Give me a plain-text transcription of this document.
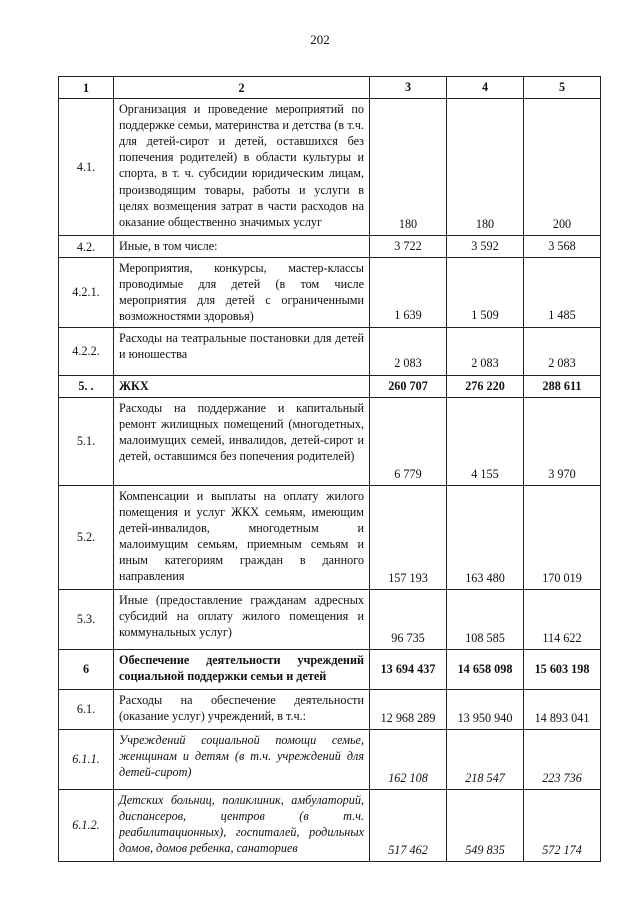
202
1	2	3	4	5
4.1.	Организация и проведение мероприятий по поддержке семьи, материнства и детства (в т.ч. для детей-сирот и детей, оставшихся без попечения родителей) в области культуры и спорта, в т. ч. субсидии юридическим лицам, производящим товары, работы и услуги в целях возмещения затрат в части расходов на оказание общественно значимых услуг	180	180	200
4.2.	Иные, в том числе:	3 722	3 592	3 568
4.2.1.	Мероприятия, конкурсы, мастер-классы проводимые для детей (в том числе мероприятия для детей с ограниченными возможностями здоровья)	1 639	1 509	1 485
4.2.2.	Расходы на театральные постановки для детей и юношества	2 083	2 083	2 083
5. .	ЖКХ	260 707	276 220	288 611
5.1.	Расходы на поддержание и капитальный ремонт жилищных помещений (многодетных, малоимущих семей, инвалидов, детей-сирот и детей, оставшимся без попечения родителей)	6 779	4 155	3 970
5.2.	Компенсации и выплаты на оплату жилого помещения и услуг ЖКХ семьям, имеющим детей-инвалидов, многодетным и малоимущим семьям, приемным семьям и иным категориям граждан в данного направления	157 193	163 480	170 019
5.3.	Иные (предоставление гражданам адресных субсидий на оплату жилого помещения и коммунальных услуг)	96 735	108 585	114 622
6	Обеспечение деятельности учреждений социальной поддержки семьи и детей	13 694 437	14 658 098	15 603 198
6.1.	Расходы на обеспечение деятельности (оказание услуг) учреждений, в т.ч.:	12 968 289	13 950 940	14 893 041
6.1.1.	Учреждений социальной помощи семье, женщинам и детям (в т.ч. учреждений для детей-сирот)	162 108	218 547	223 736
6.1.2.	Детских больниц, поликлиник, амбулаторий, диспансеров, центров (в т.ч. реабилитационных), госпиталей, родильных домов, домов ребенка, санаториев	517 462	549 835	572 174
